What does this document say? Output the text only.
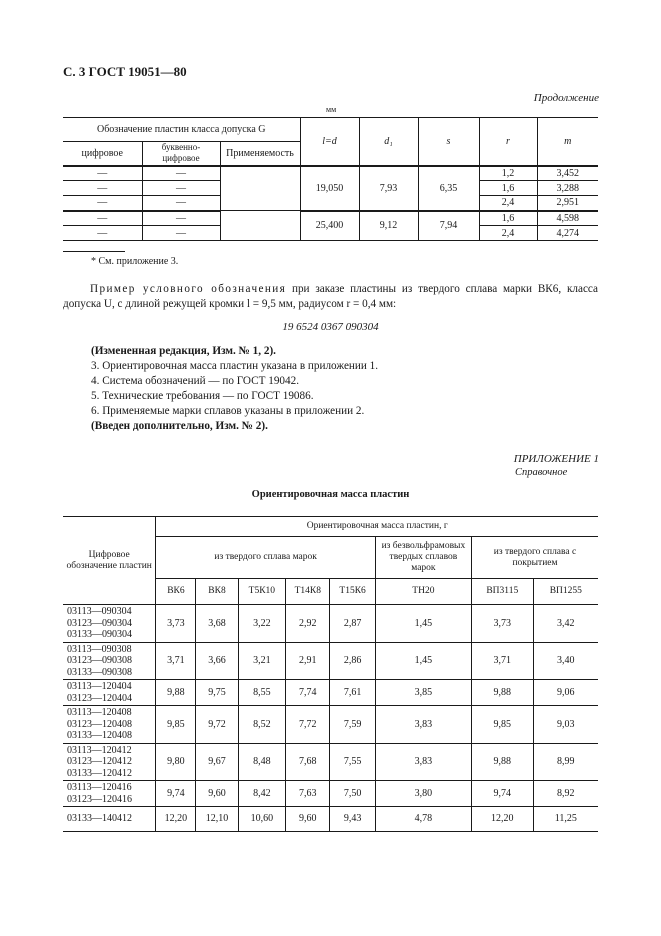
С. 3 ГОСТ 19051—80
Продолжение
мм
Обозначение пластин класса допуска G			l=d	d₁	s	r	m
цифровое	буквенно-цифровое	Применяемость					
—	—		19,050	7,93	6,35	1,2	3,452
—	—					1,6	3,288
—	—					2,4	2,951
—	—		25,400	9,12	7,94	1,6	4,598
—	—					2,4	4,274
* См. приложение 3.
Пример условного обозначения при заказе пластины из твердого сплава марки ВК6, класса допуска U, с длиной режущей кромки l = 9,5 мм, радиусом r = 0,4 мм:
19 6524 0367 090304
(Измененная редакция, Изм. № 1, 2).
3. Ориентировочная масса пластин указана в приложении 1.
4. Система обозначений — по ГОСТ 19042.
5. Технические требования — по ГОСТ 19086.
6. Применяемые марки сплавов указаны в приложении 2.
(Введен дополнительно, Изм. № 2).
ПРИЛОЖЕНИЕ 1
Справочное
Ориентировочная масса пластин
Цифровое обозначение пластин	Ориентировочная масса пластин, г							
	из твердого сплава марок					из безвольфрамовых твердых сплавов марок	из твердого сплава с покрытием	
	ВК6	ВК8	Т5К10	Т14К8	Т15К6	ТН20	ВП3115	ВП1255

03113—090304
03123—090304
03133—090304	3,73	3,68	3,22	2,92	2,87	1,45	3,73	3,42

03113—090308
03123—090308
03133—090308	3,71	3,66	3,21	2,91	2,86	1,45	3,71	3,40

03113—120404
03123—120404	9,88	9,75	8,55	7,74	7,61	3,85	9,88	9,06

03113—120408
03123—120408
03133—120408	9,85	9,72	8,52	7,72	7,59	3,83	9,85	9,03

03113—120412
03123—120412
03133—120412	9,80	9,67	8,48	7,68	7,55	3,83	9,88	8,99

03113—120416
03123—120416	9,74	9,60	8,42	7,63	7,50	3,80	9,74	8,92

03133—140412	12,20	12,10	10,60	9,60	9,43	4,78	12,20	11,25
